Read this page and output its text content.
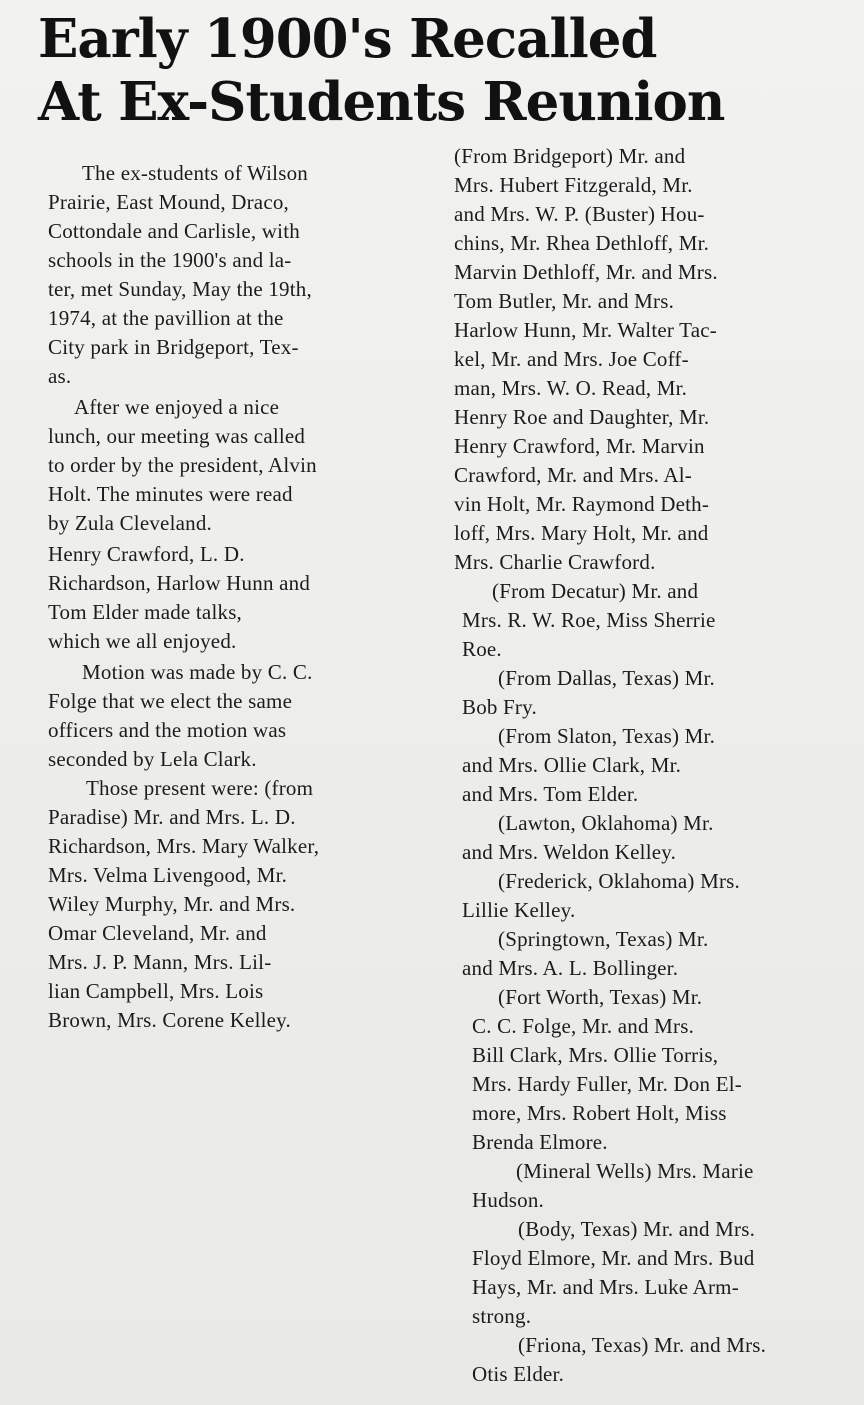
Early 1900's Recalled
At Ex-Students Reunion
The ex-students of Wilson
Prairie, East Mound, Draco,
Cottondale and Carlisle, with
schools in the 1900's and la-
ter, met Sunday, May the 19th,
1974, at the pavillion at the
City park in Bridgeport, Tex-
as.
After we enjoyed a nice
lunch, our meeting was called
to order by the president, Alvin
Holt. The minutes were read
by Zula Cleveland.
Henry Crawford, L. D.
Richardson, Harlow Hunn and
Tom Elder made talks,
which we all enjoyed.
Motion was made by C. C.
Folge that we elect the same
officers and the motion was
seconded by Lela Clark.
Those present were: (from
Paradise) Mr. and Mrs. L. D.
Richardson, Mrs. Mary Walker,
Mrs. Velma Livengood, Mr.
Wiley Murphy, Mr. and Mrs.
Omar Cleveland, Mr. and
Mrs. J. P. Mann, Mrs. Lil-
lian Campbell, Mrs. Lois
Brown, Mrs. Corene Kelley.
(From Bridgeport) Mr. and
Mrs. Hubert Fitzgerald, Mr.
and Mrs. W. P. (Buster) Hou-
chins, Mr. Rhea Dethloff, Mr.
Marvin Dethloff, Mr. and Mrs.
Tom Butler, Mr. and Mrs.
Harlow Hunn, Mr. Walter Tac-
kel, Mr. and Mrs. Joe Coff-
man, Mrs. W. O. Read, Mr.
Henry Roe and Daughter, Mr.
Henry Crawford, Mr. Marvin
Crawford, Mr. and Mrs. Al-
vin Holt, Mr. Raymond Deth-
loff, Mrs. Mary Holt, Mr. and
Mrs. Charlie Crawford.
(From Decatur) Mr. and
Mrs. R. W. Roe, Miss Sherrie
Roe.
(From Dallas, Texas) Mr.
Bob Fry.
(From Slaton, Texas) Mr.
and Mrs. Ollie Clark, Mr.
and Mrs. Tom Elder.
(Lawton, Oklahoma) Mr.
and Mrs. Weldon Kelley.
(Frederick, Oklahoma) Mrs.
Lillie Kelley.
(Springtown, Texas) Mr.
and Mrs. A. L. Bollinger.
(Fort Worth, Texas) Mr.
C. C. Folge, Mr. and Mrs.
Bill Clark, Mrs. Ollie Torris,
Mrs. Hardy Fuller, Mr. Don El-
more, Mrs. Robert Holt, Miss
Brenda Elmore.
(Mineral Wells) Mrs. Marie
Hudson.
(Body, Texas) Mr. and Mrs.
Floyd Elmore, Mr. and Mrs. Bud
Hays, Mr. and Mrs. Luke Arm-
strong.
(Friona, Texas) Mr. and Mrs.
Otis Elder.
